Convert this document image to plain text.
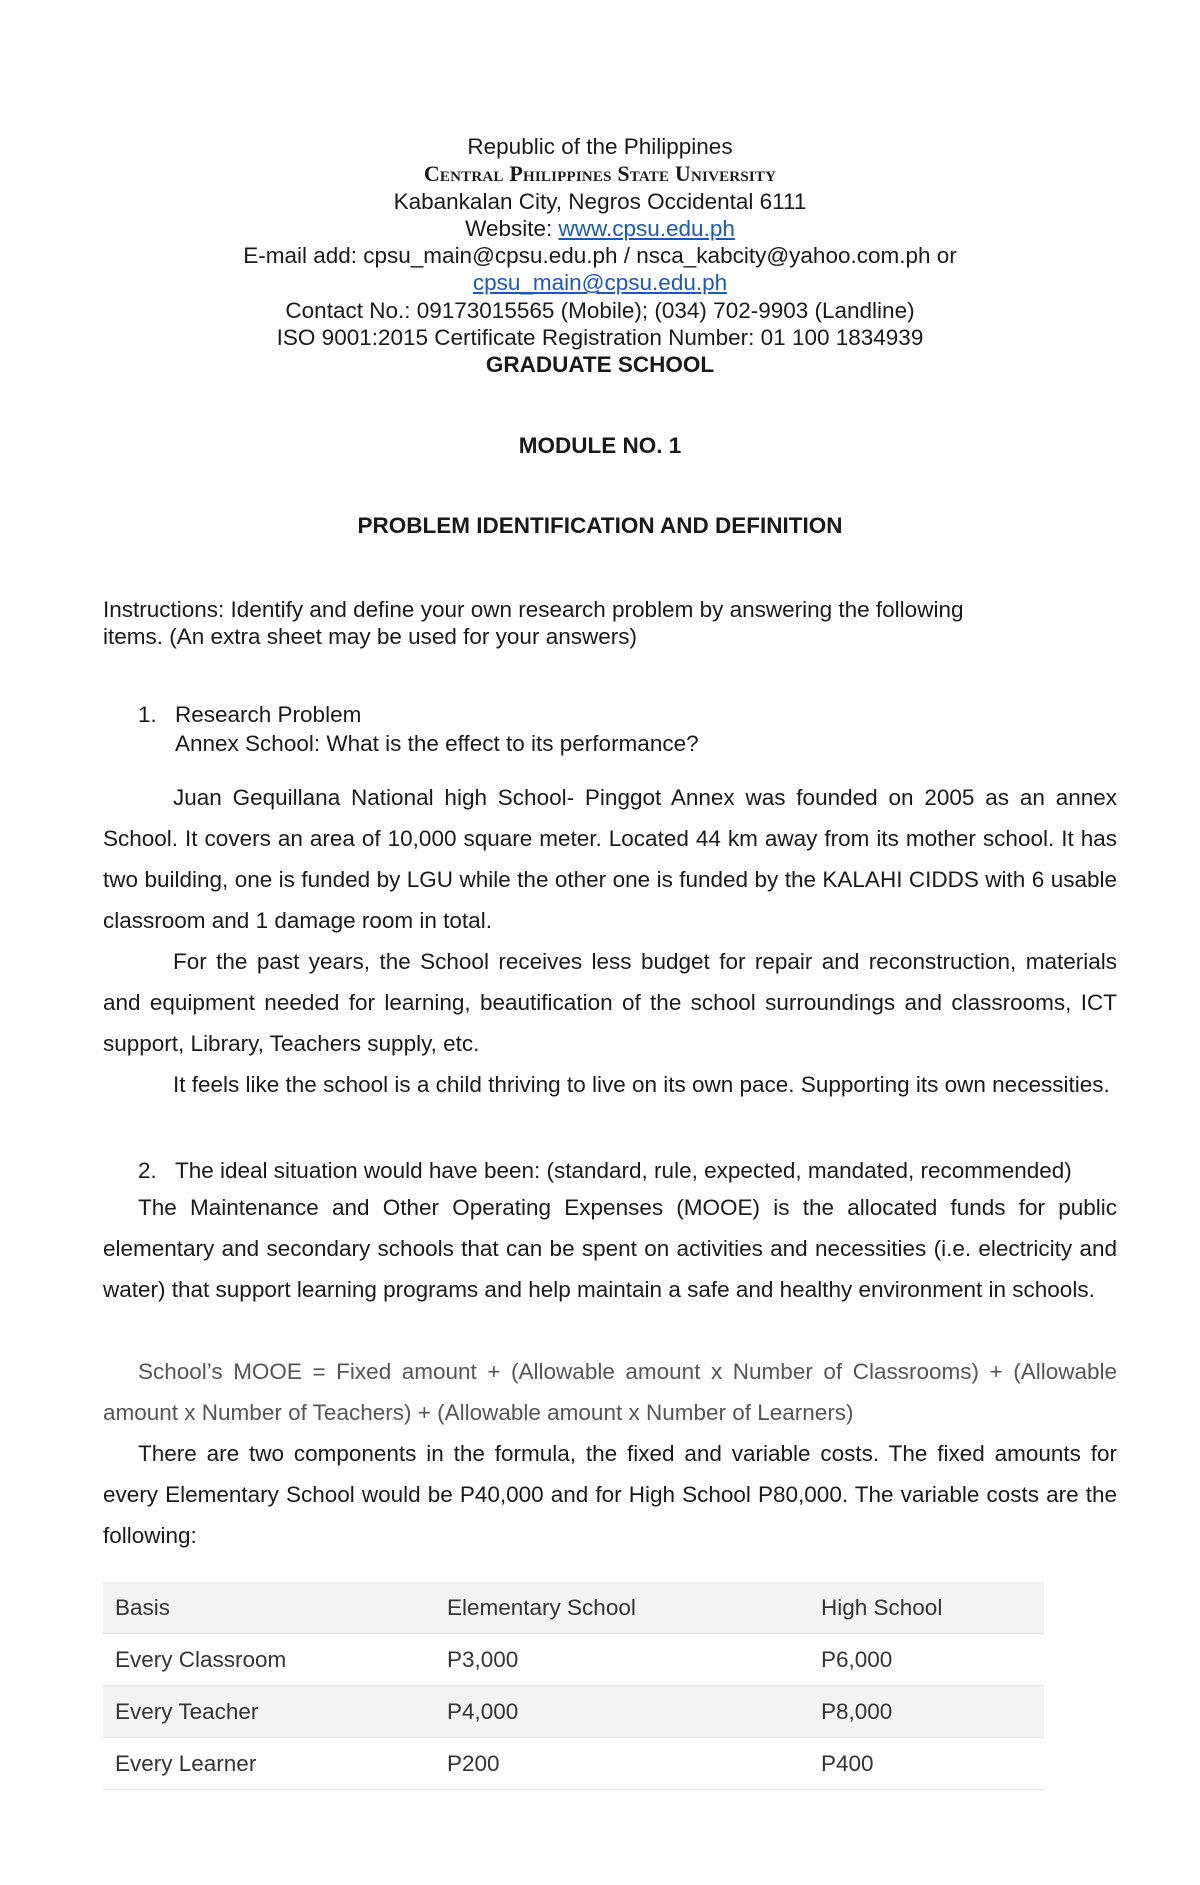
Republic of the Philippines
Central Philippines State University
Kabankalan City, Negros Occidental 6111
Website: www.cpsu.edu.ph
E-mail add: cpsu_main@cpsu.edu.ph / nsca_kabcity@yahoo.com.ph or
cpsu_main@cpsu.edu.ph
Contact No.: 09173015565 (Mobile); (034) 702-9903 (Landline)
ISO 9001:2015 Certificate Registration Number: 01 100 1834939
GRADUATE SCHOOL
MODULE NO. 1
PROBLEM IDENTIFICATION AND DEFINITION
Instructions: Identify and define your own research problem by answering the following
items. (An extra sheet may be used for your answers)
1. Research Problem
Annex School: What is the effect to its performance?
Juan Gequillana National high School- Pinggot Annex was founded on 2005 as an annex School. It covers an area of 10,000 square meter. Located 44 km away from its mother school. It has two building, one is funded by LGU while the other one is funded by the KALAHI CIDDS with 6 usable classroom and 1 damage room in total.
For the past years, the School receives less budget for repair and reconstruction, materials and equipment needed for learning, beautification of the school surroundings and classrooms, ICT support, Library, Teachers supply, etc.
It feels like the school is a child thriving to live on its own pace. Supporting its own necessities.
2. The ideal situation would have been: (standard, rule, expected, mandated, recommended)
The Maintenance and Other Operating Expenses (MOOE) is the allocated funds for public elementary and secondary schools that can be spent on activities and necessities (i.e. electricity and water) that support learning programs and help maintain a safe and healthy environment in schools.
School’s MOOE = Fixed amount + (Allowable amount x Number of Classrooms) + (Allowable amount x Number of Teachers) + (Allowable amount x Number of Learners)
There are two components in the formula, the fixed and variable costs. The fixed amounts for every Elementary School would be P40,000 and for High School P80,000. The variable costs are the following:
Basis	Elementary School	High School
Every Classroom	P3,000	P6,000
Every Teacher	P4,000	P8,000
Every Learner	P200	P400
